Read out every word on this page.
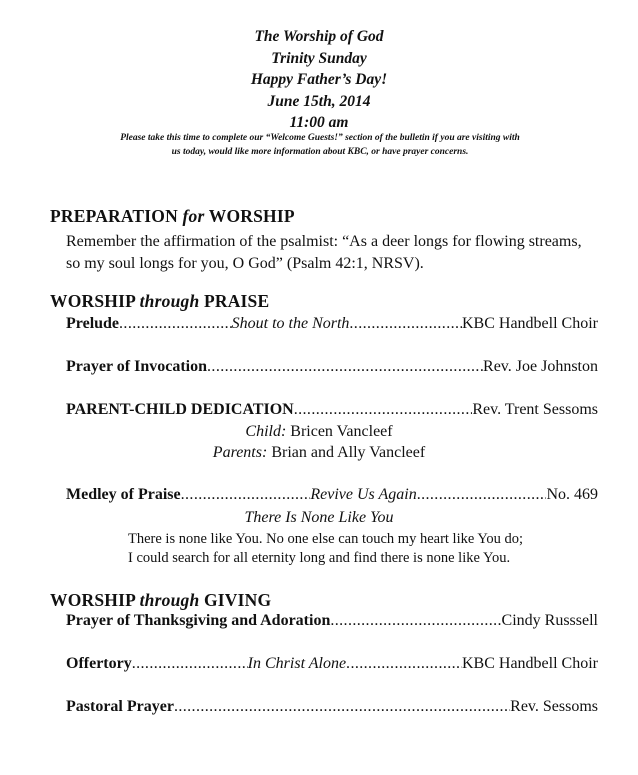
The Worship of God
Trinity Sunday
Happy Father’s Day!
June 15th, 2014
11:00 am
Please take this time to complete our “Welcome Guests!” section of the bulletin if you are visiting with
us today, would like more information about KBC, or have prayer concerns.
PREPARATION for WORSHIP
Remember the affirmation of the psalmist: “As a deer longs for flowing streams,
so my soul longs for you, O God” (Psalm 42:1, NRSV).
WORSHIP through PRAISE
Prelude .....	Shout to the North .....	KBC Handbell Choir
Prayer of Invocation .....	Rev. Joe Johnston
PARENT-CHILD DEDICATION .....	Rev. Trent Sessoms
Child: Bricen Vancleef
Parents: Brian and Ally Vancleef
Medley of Praise .....	Revive Us Again .....	No. 469
There Is None Like You
There is none like You. No one else can touch my heart like You do;
I could search for all eternity long and find there is none like You.
WORSHIP through GIVING
Prayer of Thanksgiving and Adoration .....	Cindy Russsell
Offertory .....	In Christ Alone .....	KBC Handbell Choir
Pastoral Prayer .....	Rev. Sessoms
